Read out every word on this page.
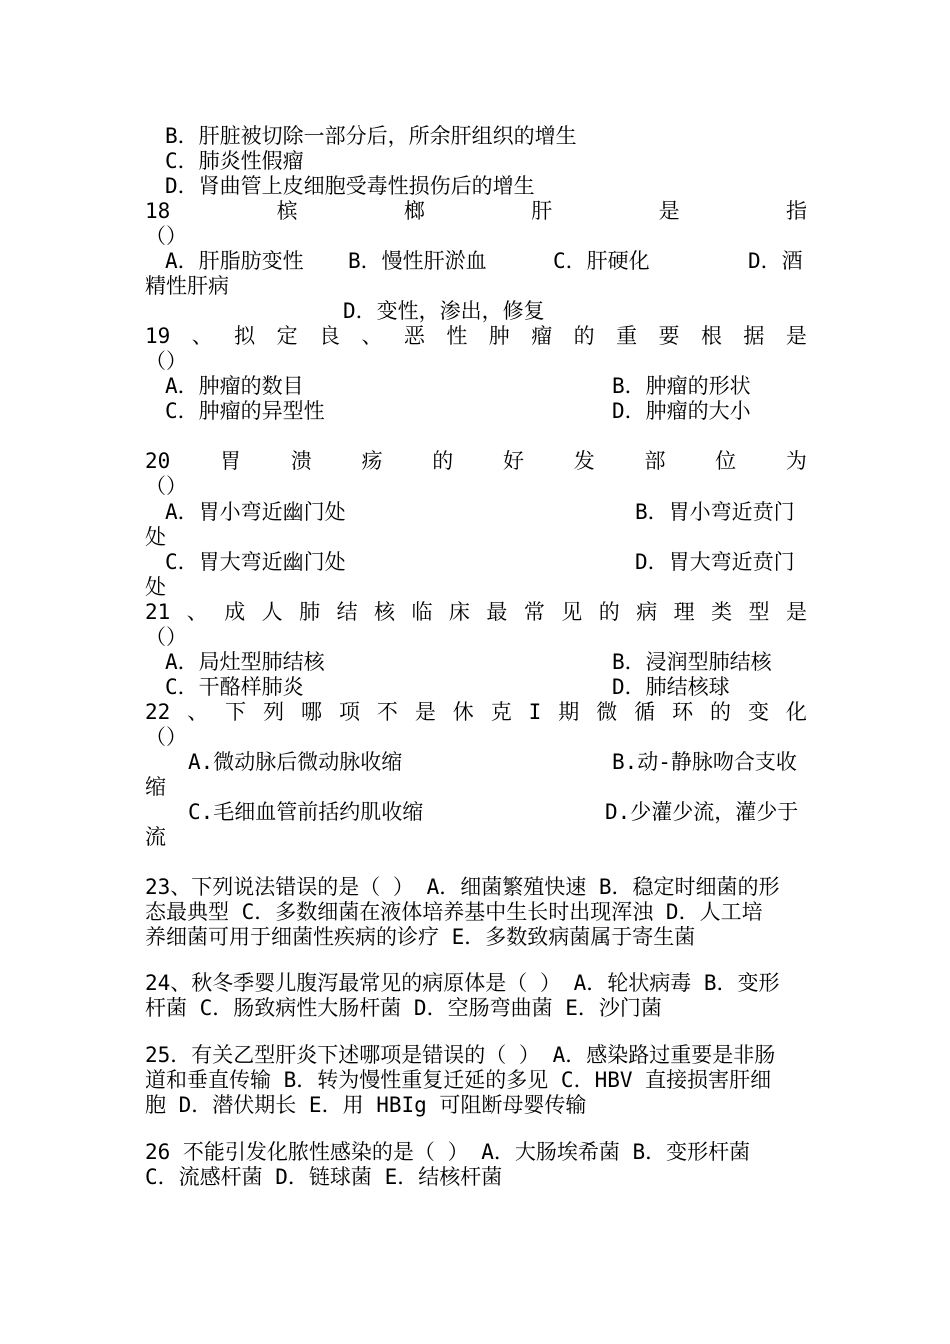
B．肝脏被切除一部分后，所余肝组织的增生
C．肺炎性假瘤
D．肾曲管上皮细胞受毒性损伤后的增生
18	槟	榔	肝	是	指
（）
A．肝脂肪变性 B．慢性肝淤血	C．肝硬化	D．酒
精性肝病
D．变性，渗出，修复
19 、 拟 定 良 、 恶 性 肿 瘤 的 重 要 根 据 是
（）
A．肿瘤的数目	B．肿瘤的形状
C．肿瘤的异型性	D．肿瘤的大小
20 胃 溃 疡 的 好 发 部 位 为
（）
A．胃小弯近幽门处	B．胃小弯近贲门
处
C．胃大弯近幽门处	D．胃大弯近贲门
处
21 、 成 人 肺 结 核 临 床 最 常 见 的 病 理 类 型 是
（）
A．局灶型肺结核	B．浸润型肺结核
C．干酪样肺炎	D．肺结核球
22 、 下 列 哪 项 不 是 休 克 I 期 微 循 环 的 变 化
（）
A.微动脉后微动脉收缩	B.动-静脉吻合支收
缩
C.毛细血管前括约肌收缩	D.少灌少流，灌少于
流
23、下列说法错误的是（ ） A．细菌繁殖快速 B．稳定时细菌的形
态最典型 C．多数细菌在液体培养基中生长时出现浑浊 D．人工培
养细菌可用于细菌性疾病的诊疗 E．多数致病菌属于寄生菌
24、秋冬季婴儿腹泻最常见的病原体是（ ） A．轮状病毒 B．变形
杆菌 C．肠致病性大肠杆菌 D．空肠弯曲菌 E．沙门菌
25．有关乙型肝炎下述哪项是错误的（ ） A．感染路过重要是非肠
道和垂直传输 B．转为慢性重复迁延的多见 C．HBV 直接损害肝细
胞 D．潜伏期长 E．用 HBIg 可阻断母婴传输
26 不能引发化脓性感染的是（ ） A．大肠埃希菌 B．变形杆菌
C．流感杆菌 D．链球菌 E．结核杆菌
